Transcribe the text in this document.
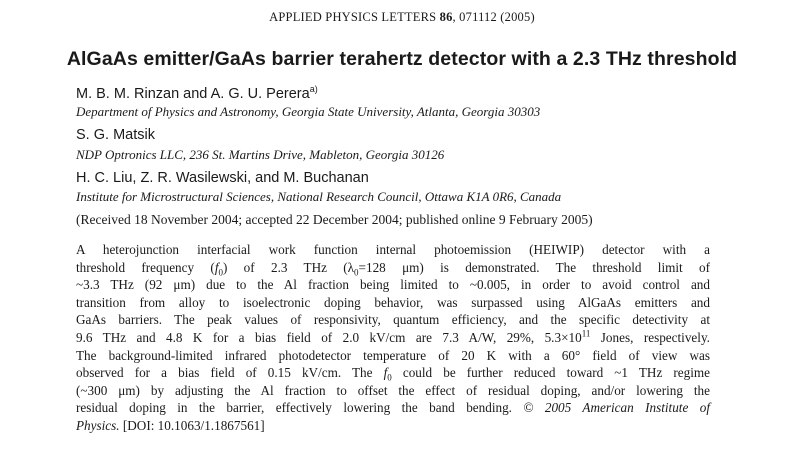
APPLIED PHYSICS LETTERS 86, 071112 (2005)
AlGaAs emitter/GaAs barrier terahertz detector with a 2.3 THz threshold
M. B. M. Rinzan and A. G. U. Perera$^{a)}$
Department of Physics and Astronomy, Georgia State University, Atlanta, Georgia 30303
S. G. Matsik
NDP Optronics LLC, 236 St. Martins Drive, Mableton, Georgia 30126
H. C. Liu, Z. R. Wasilewski, and M. Buchanan
Institute for Microstructural Sciences, National Research Council, Ottawa K1A 0R6, Canada
(Received 18 November 2004; accepted 22 December 2004; published online 9 February 2005)
A heterojunction interfacial work function internal photoemission (HEIWIP) detector with a
threshold frequency $(f_0)$ of 2.3 THz ($\lambda_0=128$ μm) is demonstrated. The threshold limit of
~3.3 THz (92 μm) due to the Al fraction being limited to ~0.005, in order to avoid control and
transition from alloy to isoelectronic doping behavior, was surpassed using AlGaAs emitters and
GaAs barriers. The peak values of responsivity, quantum efficiency, and the specific detectivity at
9.6 THz and 4.8 K for a bias field of 2.0 kV/cm are 7.3 A/W, 29%, $5.3\times 10^{11}$ Jones, respectively.
The background-limited infrared photodetector temperature of 20 K with a 60° field of view was
observed for a bias field of 0.15 kV/cm. The $f_0$ could be further reduced toward ~1 THz regime
(~300 μm) by adjusting the Al fraction to offset the effect of residual doping, and/or lowering the
residual doping in the barrier, effectively lowering the band bending. © 2005 American Institute of
Physics. [DOI: 10.1063/1.1867561]
